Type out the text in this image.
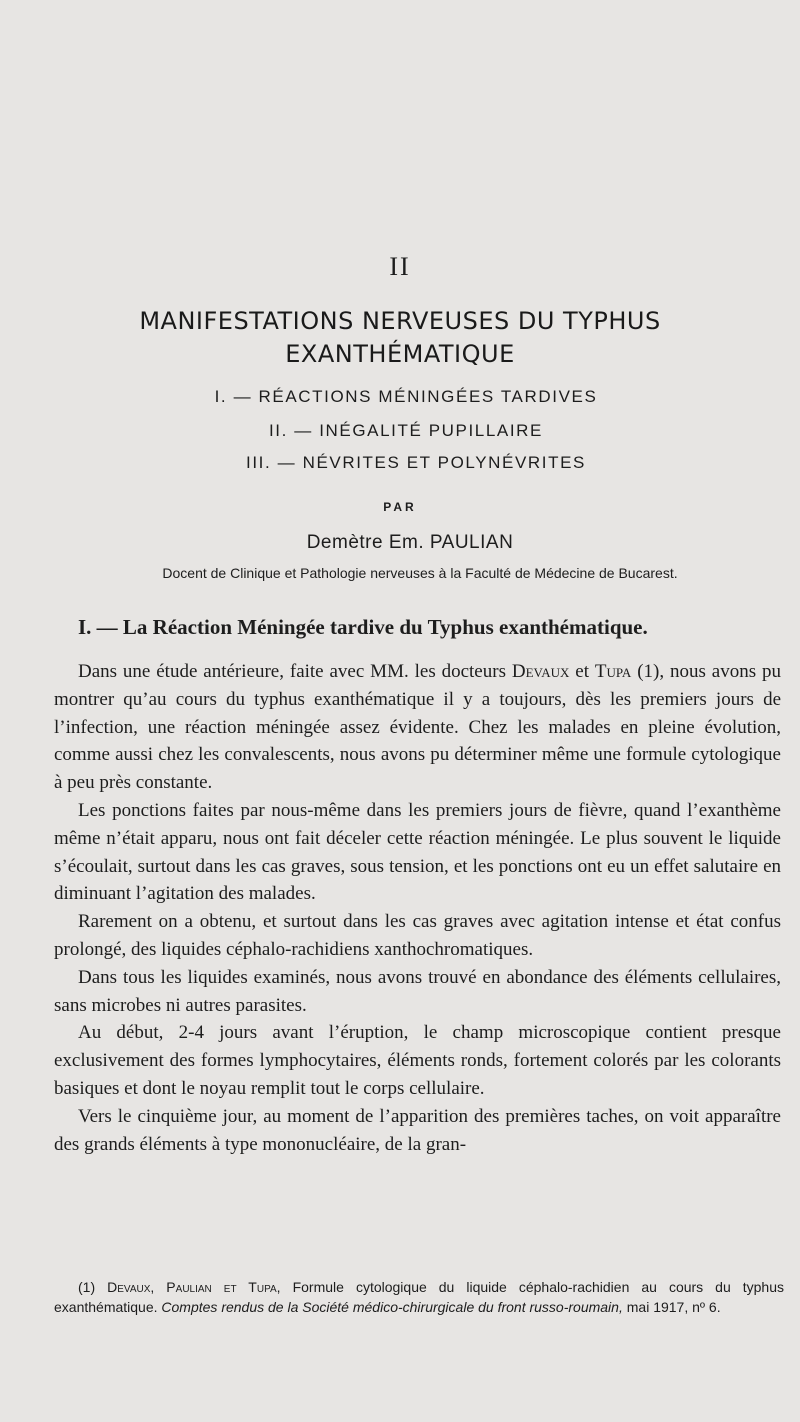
II
MANIFESTATIONS NERVEUSES DU TYPHUS
EXANTHÉMATIQUE
I. — RÉACTIONS MÉNINGÉES TARDIVES
II. — INÉGALITÉ PUPILLAIRE
III. — NÉVRITES ET POLYNÉVRITES
PAR
Demètre Em. PAULIAN
Docent de Clinique et Pathologie nerveuses à la Faculté de Médecine de Bucarest.
I. — La Réaction Méningée tardive du Typhus exanthématique.

Dans une étude antérieure, faite avec MM. les docteurs Devaux et Tupa (1), nous avons pu montrer qu’au cours du typhus exanthématique il y a toujours, dès les premiers jours de l’infection, une réaction méningée assez évidente. Chez les malades en pleine évolution, comme aussi chez les convalescents, nous avons pu déterminer même une formule cytologique à peu près constante.

Les ponctions faites par nous-même dans les premiers jours de fièvre, quand l’exanthème même n’était apparu, nous ont fait déceler cette réaction méningée. Le plus souvent le liquide s’écoulait, surtout dans les cas graves, sous tension, et les ponctions ont eu un effet salutaire en diminuant l’agitation des malades.

Rarement on a obtenu, et surtout dans les cas graves avec agitation intense et état confus prolongé, des liquides céphalo-rachidiens xanthochromatiques.

Dans tous les liquides examinés, nous avons trouvé en abondance des éléments cellulaires, sans microbes ni autres parasites.

Au début, 2-4 jours avant l’éruption, le champ microscopique contient presque exclusivement des formes lymphocytaires, éléments ronds, fortement colorés par les colorants basiques et dont le noyau remplit tout le corps cellulaire.

Vers le cinquième jour, au moment de l’apparition des premières taches, on voit apparaître des grands éléments à type mononucléaire, de la gran-

(1) Devaux, Paulian et Tupa, Formule cytologique du liquide céphalo-rachidien au cours du typhus exanthématique. Comptes rendus de la Société médico-chirurgicale du front russo-roumain, mai 1917, nº 6.
